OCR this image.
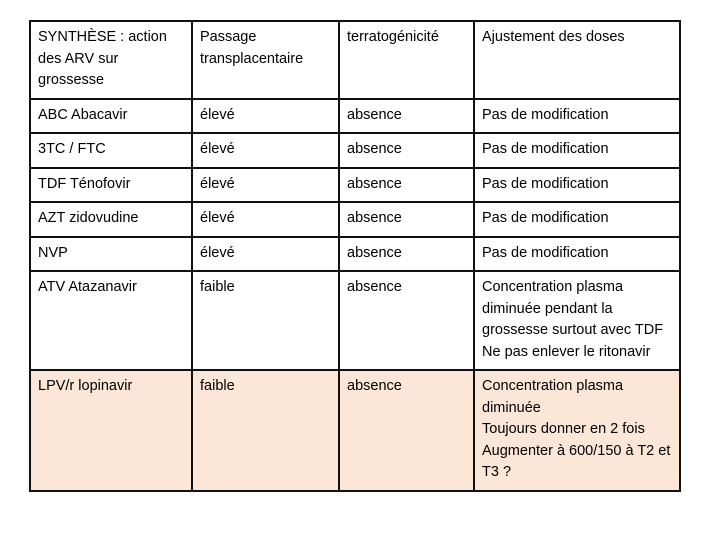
SYNTHÈSE : action des ARV sur grossesse	Passage transplacentaire	terratogénicité	Ajustement des doses
ABC Abacavir	élevé	absence	Pas de modification

3TC / FTC	élevé	absence	Pas de modification

TDF Ténofovir	élevé	absence	Pas de modification

AZT zidovudine	élevé	absence	Pas de modification

NVP	élevé	absence	Pas de modification

ATV Atazanavir	faible	absence	Concentration plasma diminuée pendant la grossesse surtout avec TDF
Ne pas enlever le ritonavir

LPV/r lopinavir	faible	absence	Concentration plasma diminuée
Toujours donner en 2 fois
Augmenter à 600/150 à T2 et T3 ?
